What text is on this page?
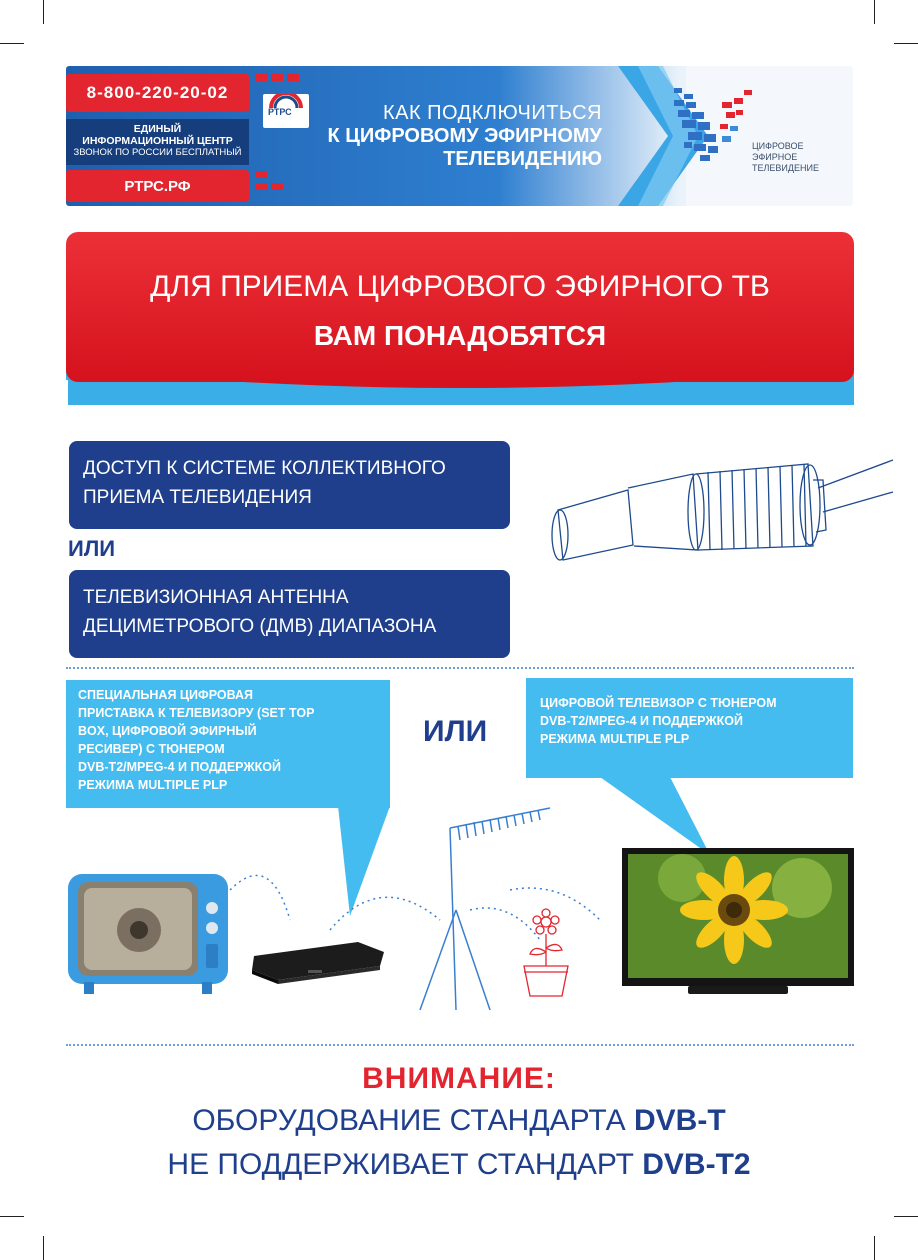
8-800-220-20-02
ЕДИНЫЙ
ИНФОРМАЦИОННЫЙ ЦЕНТР
ЗВОНОК ПО РОССИИ БЕСПЛАТНЫЙ
РТРС.РФ
РТРС	КАК ПОДКЛЮЧИТЬСЯ
К ЦИФРОВОМУ ЭФИРНОМУ
ТЕЛЕВИДЕНИЮ
ЦИФРОВОЕ
ЭФИРНОЕ
ТЕЛЕВИДЕНИЕ
ДЛЯ ПРИЕМА ЦИФРОВОГО ЭФИРНОГО ТВ
ВАМ ПОНАДОБЯТСЯ
ДОСТУП К СИСТЕМЕ КОЛЛЕКТИВНОГО
ПРИЕМА ТЕЛЕВИДЕНИЯ
ИЛИ
ТЕЛЕВИЗИОННАЯ АНТЕННА
ДЕЦИМЕТРОВОГО (ДМВ) ДИАПАЗОНА
СПЕЦИАЛЬНАЯ ЦИФРОВАЯ
ПРИСТАВКА К ТЕЛЕВИЗОРУ (SET TOP
BOX, ЦИФРОВОЙ ЭФИРНЫЙ
РЕСИВЕР) С ТЮНЕРОМ
DVB-T2/MPEG-4 И ПОДДЕРЖКОЙ
РЕЖИМА MULTIPLE PLP
ИЛИ
ЦИФРОВОЙ ТЕЛЕВИЗОР С ТЮНЕРОМ
DVB-T2/MPEG-4 И ПОДДЕРЖКОЙ
РЕЖИМА MULTIPLE PLP
ВНИМАНИЕ:
ОБОРУДОВАНИЕ СТАНДАРТА DVB-T
НЕ ПОДДЕРЖИВАЕТ СТАНДАРТ DVB-T2
